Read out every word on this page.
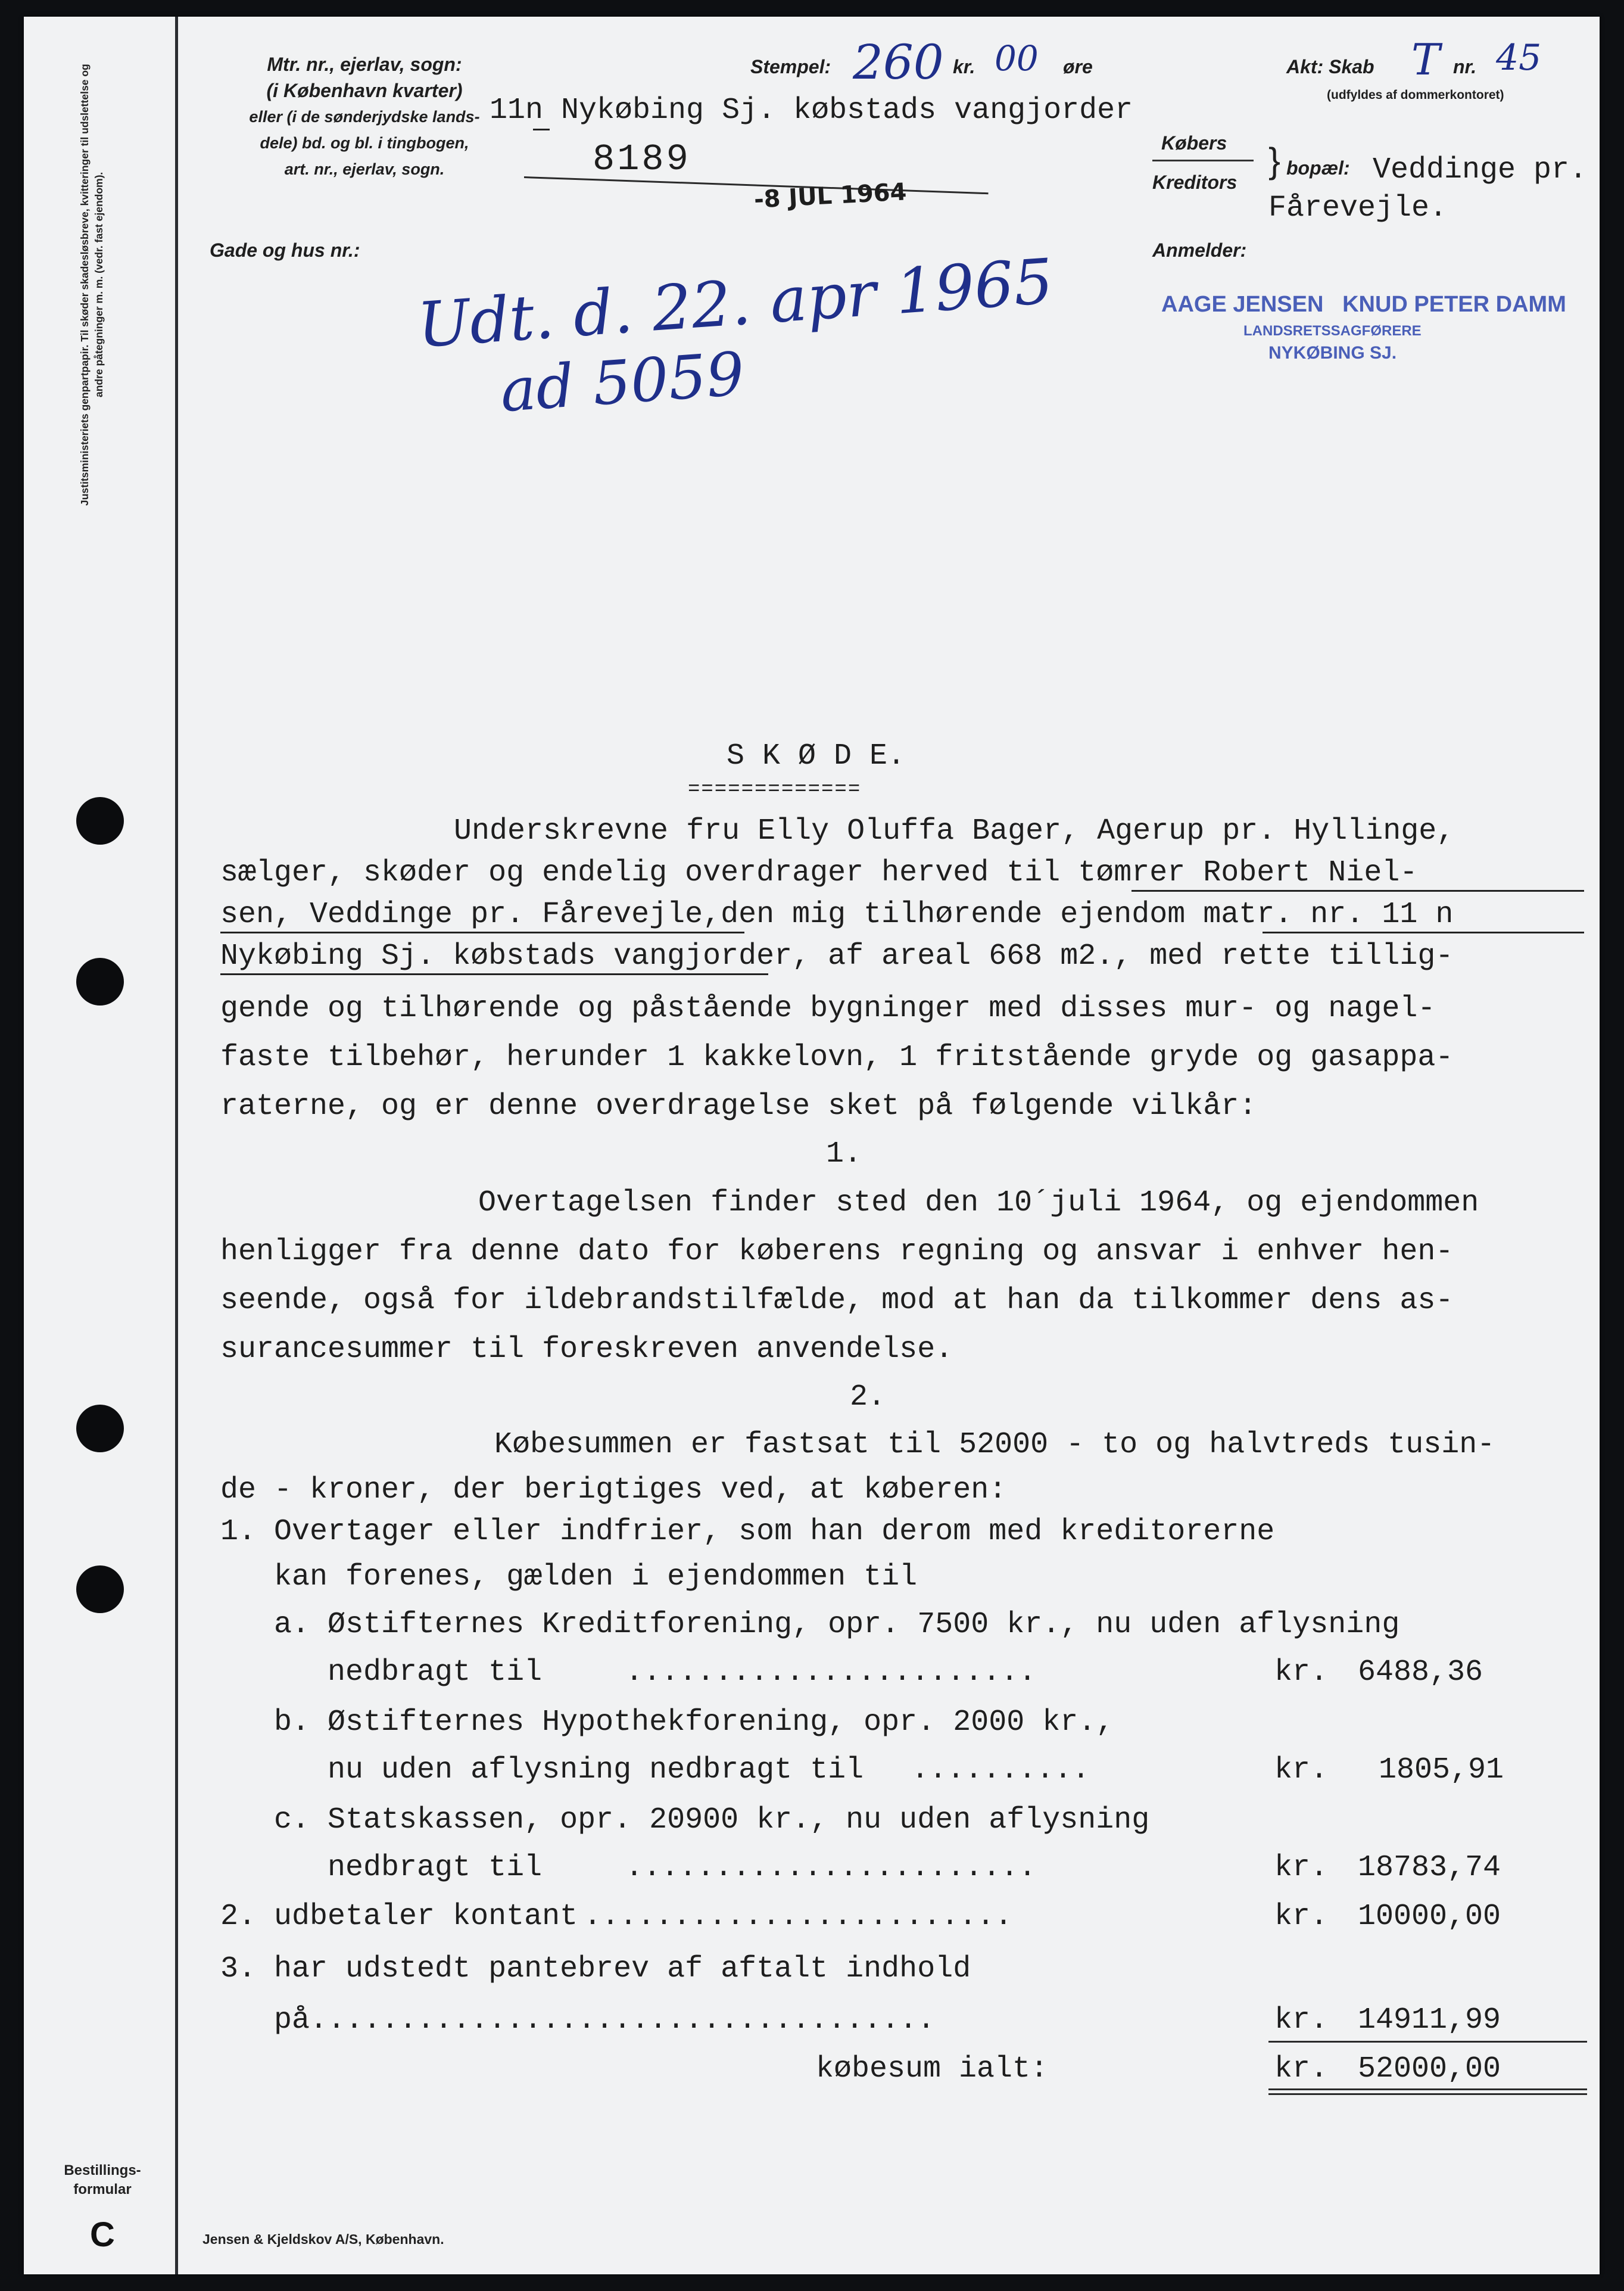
Justitsministeriets genpartpapir. Til skøder skadesløsbreve, kvitteringer til udslettelse og andre påtegninger m. m. (vedr. fast ejendom).
Bestillings-
formular
C

Mtr. nr., ejerlav, sogn:
(i København kvarter)
eller (i de sønderjydske lands-
dele) bd. og bl. i tingbogen,
art. nr., ejerlav, sogn.
Gade og hus nr.:
Stempel: 260 kr. 00 øre	Akt: Skab T nr. 45
(udfyldes af dommerkontoret)
11n Nykøbing Sj. købstads vangjorder
8189
-8 JUL 1964
Købers
Kreditors
} bopæl: Veddinge pr.
Fårevejle.
Anmelder:
AAGE JENSEN   KNUD PETER DAMM
LANDSRETSSAGFØRERE
NYKØBING SJ.
Udt. d. 22. apr 1965
ad 5059
S K Ø D E.
=============
Underskrevne fru Elly Oluffa Bager, Agerup pr. Hyllinge,
sælger, skøder og endelig overdrager herved til tømrer Robert Niel-
sen, Veddinge pr. Fårevejle,den mig tilhørende ejendom matr. nr. 11 n
Nykøbing Sj. købstads vangjorder, af areal 668 m2., med rette tillig-
gende og tilhørende og påstående bygninger med disses mur- og nagel-
faste tilbehør, herunder 1 kakkelovn, 1 fritstående gryde og gasappa-
raterne, og er denne overdragelse sket på følgende vilkår:
1.
Overtagelsen finder sted den 10´juli 1964, og ejendommen
henligger fra denne dato for køberens regning og ansvar i enhver hen-
seende, også for ildebrandstilfælde, mod at han da tilkommer dens as-
surancesummer til foreskreven anvendelse.
2.
Købesummen er fastsat til 52000 - to og halvtreds tusin-
de - kroner, der berigtiges ved, at køberen:
1. Overtager eller indfrier, som han derom med kreditorerne
kan forenes, gælden i ejendommen til
a. Østifternes Kreditforening, opr. 7500 kr., nu uden aflysning
nedbragt til	.......................	kr. 6488,36
b. Østifternes Hypothekforening, opr. 2000 kr.,
nu uden aflysning nedbragt til ..........	kr. 1805,91
c. Statskassen, opr. 20900 kr., nu uden aflysning
nedbragt til	.......................	kr. 18783,74
2. udbetaler kontant ........................	kr. 10000,00
3. har udstedt pantebrev af aftalt indhold
på ...................................	kr. 14911,99
købesum ialt:	kr. 52000,00
Jensen & Kjeldskov A/S, København.
